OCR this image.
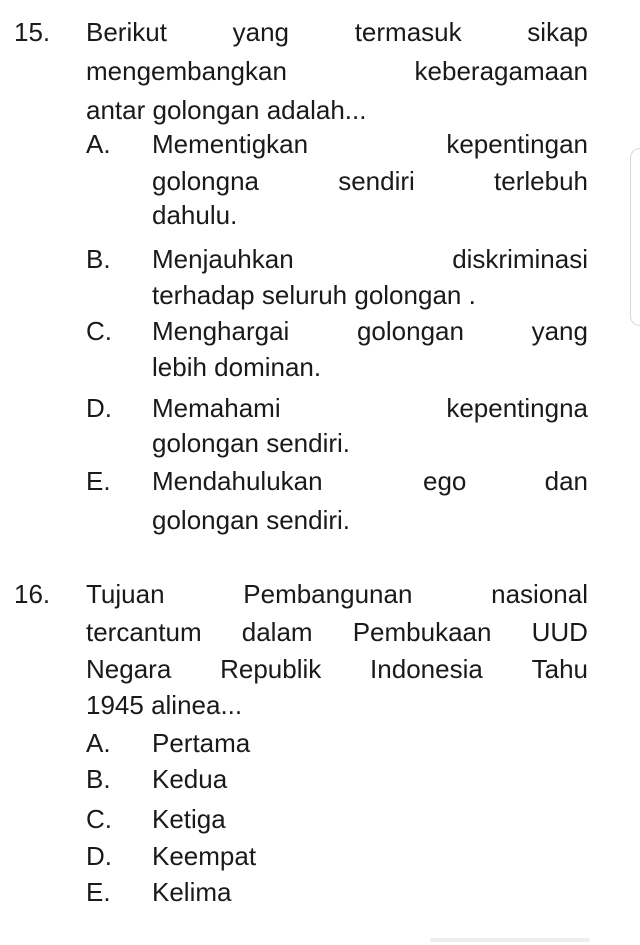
15. Berikut	yang	termasuk	sikap
mengembangkan	keberagamaan
antar golongan adalah...
A. Mementigkan	kepentingan
golongna	sendiri	terlebuh
dahulu.
B. Menjauhkan	diskriminasi
terhadap seluruh golongan .
C. Menghargai	golongan	yang
lebih dominan.
D. Memahami	kepentingna
golongan sendiri.
E. Mendahulukan	ego	dan
golongan sendiri.
16. Tujuan	Pembangunan	nasional
tercantum dalam Pembukaan UUD
Negara Republik Indonesia Tahu
1945 alinea...
A. Pertama
B. Kedua
C. Ketiga
D. Keempat
E. Kelima
